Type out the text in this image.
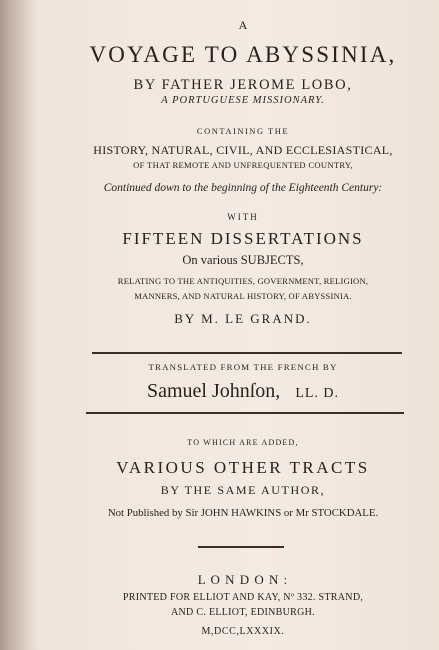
A
VOYAGE TO ABYSSINIA,
BY FATHER JEROME LOBO,
A PORTUGUESE MISSIONARY.
CONTAINING THE
HISTORY, NATURAL, CIVIL, AND ECCLESIASTICAL,
OF THAT REMOTE AND UNFREQUENTED COUNTRY,
Continued down to the beginning of the Eighteenth Century:
WITH
FIFTEEN DISSERTATIONS
On various SUBJECTS,
RELATING TO THE ANTIQUITIES, GOVERNMENT, RELIGION,
MANNERS, AND NATURAL HISTORY, OF ABYSSINIA.
BY M. LE GRAND.
TRANSLATED FROM THE FRENCH BY
Samuel Johnſon, LL. D.
TO WHICH ARE ADDED,
VARIOUS OTHER TRACTS
BY THE SAME AUTHOR,
Not Published by Sir JOHN HAWKINS or Mr STOCKDALE.
L O N D O N :
PRINTED FOR ELLIOT AND KAY, Nº 332. STRAND,
AND C. ELLIOT, EDINBURGH.
M,DCC,LXXXIX.
